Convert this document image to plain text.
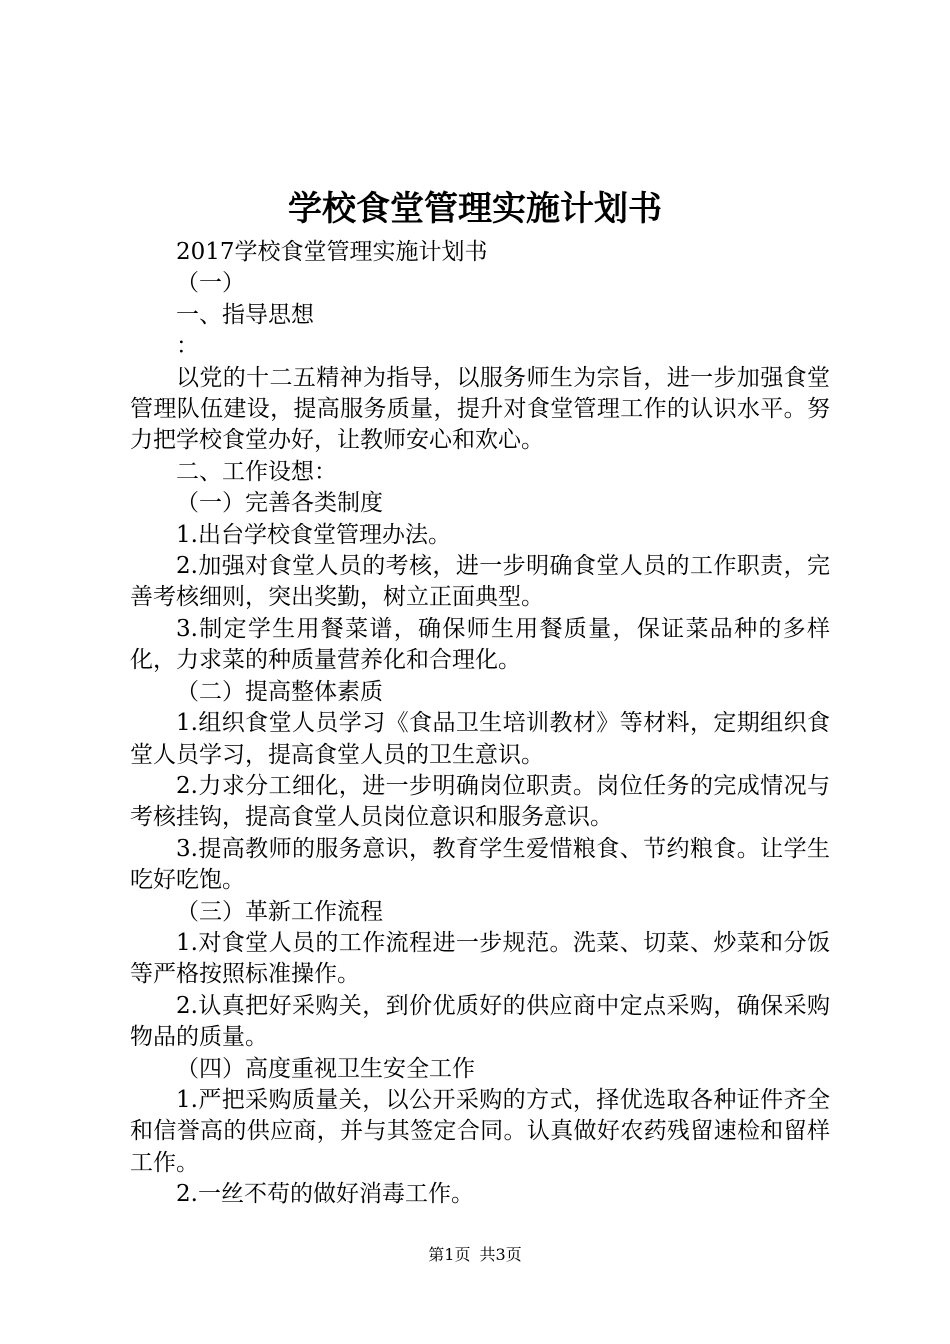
学校食堂管理实施计划书

2017学校食堂管理实施计划书

（一）

一、指导思想

：

以党的十二五精神为指导，以服务师生为宗旨，进一步加强食堂管理队伍建设，提高服务质量，提升对食堂管理工作的认识水平。努力把学校食堂办好，让教师安心和欢心。

二、工作设想：

（一）完善各类制度

1.出台学校食堂管理办法。

2.加强对食堂人员的考核，进一步明确食堂人员的工作职责，完善考核细则，突出奖勤，树立正面典型。

3.制定学生用餐菜谱，确保师生用餐质量，保证菜品种的多样化，力求菜的种质量营养化和合理化。

（二）提高整体素质

1.组织食堂人员学习《食品卫生培训教材》等材料，定期组织食堂人员学习，提高食堂人员的卫生意识。

2.力求分工细化，进一步明确岗位职责。岗位任务的完成情况与考核挂钩，提高食堂人员岗位意识和服务意识。

3.提高教师的服务意识，教育学生爱惜粮食、节约粮食。让学生吃好吃饱。

（三）革新工作流程

1.对食堂人员的工作流程进一步规范。洗菜、切菜、炒菜和分饭等严格按照标准操作。

2.认真把好采购关，到价优质好的供应商中定点采购，确保采购物品的质量。

（四）高度重视卫生安全工作

1.严把采购质量关，以公开采购的方式，择优选取各种证件齐全和信誉高的供应商，并与其签定合同。认真做好农药残留速检和留样工作。

2.一丝不苟的做好消毒工作。

第1页 共3页
